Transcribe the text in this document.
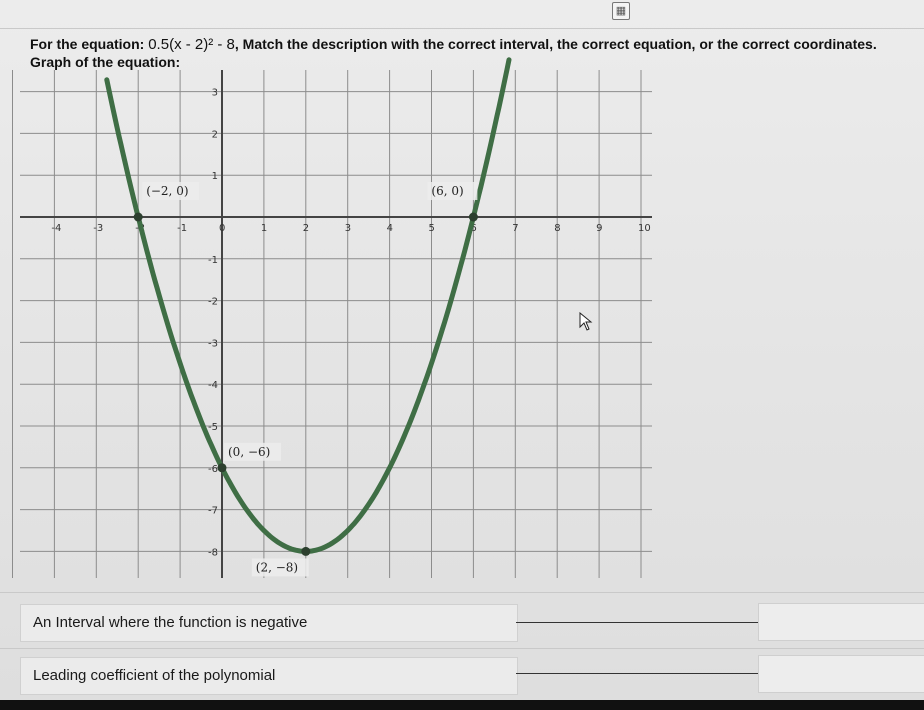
▦
For the equation: 0.5(x - 2)² - 8, Match the description with the correct interval, the correct equation, or the correct coordinates.
Graph of the equation:
-4	-3	-2	-1	0	1	2	3	4	5	6	7	8	9	10
3
2
1
-1
-2
-3
-4
-5
-6
-7
-8
(−2, 0)	(6, 0)
(0, −6)
(2, −8)
An Interval where the function is negative
Leading coefficient of the polynomial
